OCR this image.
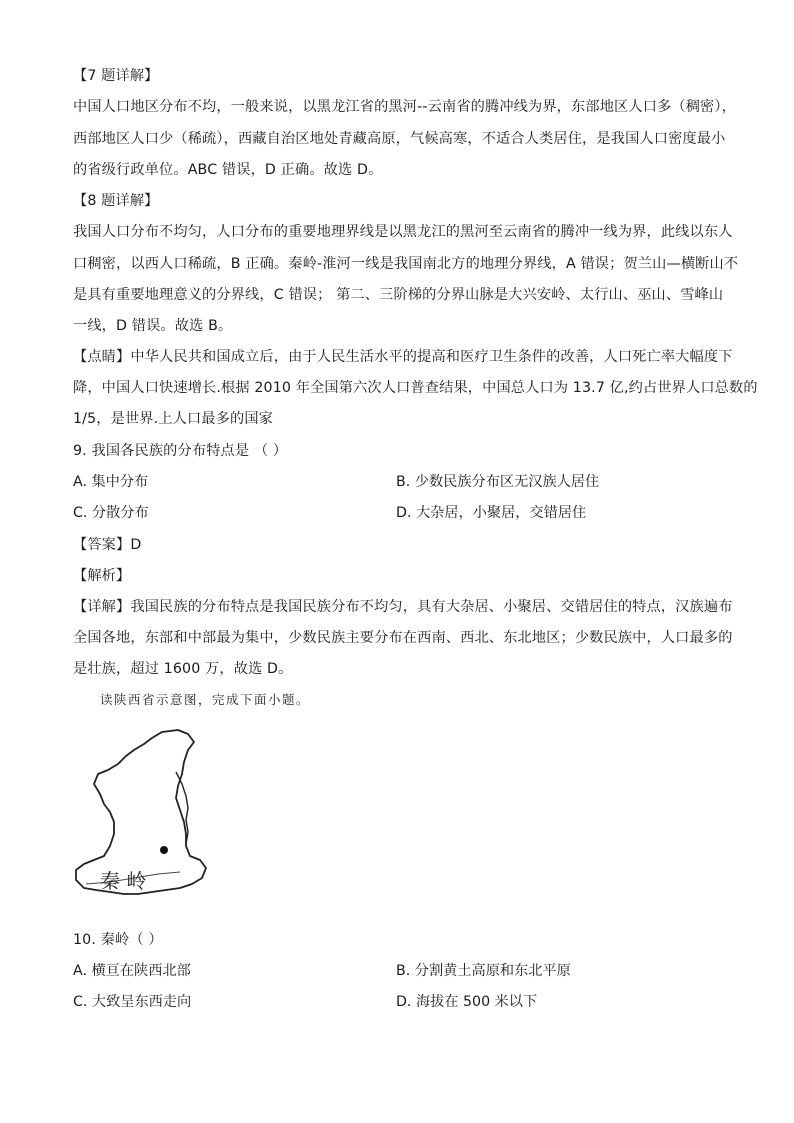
【7 题详解】
中国人口地区分布不均，一般来说，以黑龙江省的黑河--云南省的腾冲线为界，东部地区人口多（稠密），
西部地区人口少（稀疏），西藏自治区地处青藏高原，气候高寒，不适合人类居住，是我国人口密度最小
的省级行政单位。ABC 错误，D 正确。故选 D。
【8 题详解】
我国人口分布不均匀，人口分布的重要地理界线是以黑龙江的黑河至云南省的腾冲一线为界，此线以东人
口稠密，以西人口稀疏，B 正确。秦岭-淮河一线是我国南北方的地理分界线，A 错误；贺兰山—横断山不
是具有重要地理意义的分界线，C 错误； 第二、三阶梯的分界山脉是大兴安岭、太行山、巫山、雪峰山
一线，D 错误。故选 B。
【点睛】中华人民共和国成立后，由于人民生活水平的提高和医疗卫生条件的改善，人口死亡率大幅度下
降，中国人口快速增长.根据 2010 年全国第六次人口普查结果，中国总人口为 13.7 亿,约占世界人口总数的
1/5，是世界.上人口最多的国家
9. 我国各民族的分布特点是 （ ）
A. 集中分布	B. 少数民族分布区无汉族人居住
C. 分散分布	D. 大杂居，小聚居，交错居住
【答案】D
【解析】
【详解】我国民族的分布特点是我国民族分布不均匀，具有大杂居、小聚居、交错居住的特点，汉族遍布
全国各地，东部和中部最为集中，少数民族主要分布在西南、西北、东北地区；少数民族中，人口最多的
是壮族，超过 1600 万，故选 D。
读陕西省示意图，完成下面小题。
秦 岭
10. 秦岭（ ）
A. 横亘在陕西北部	B. 分割黄土高原和东北平原
C. 大致呈东西走向	D. 海拔在 500 米以下
